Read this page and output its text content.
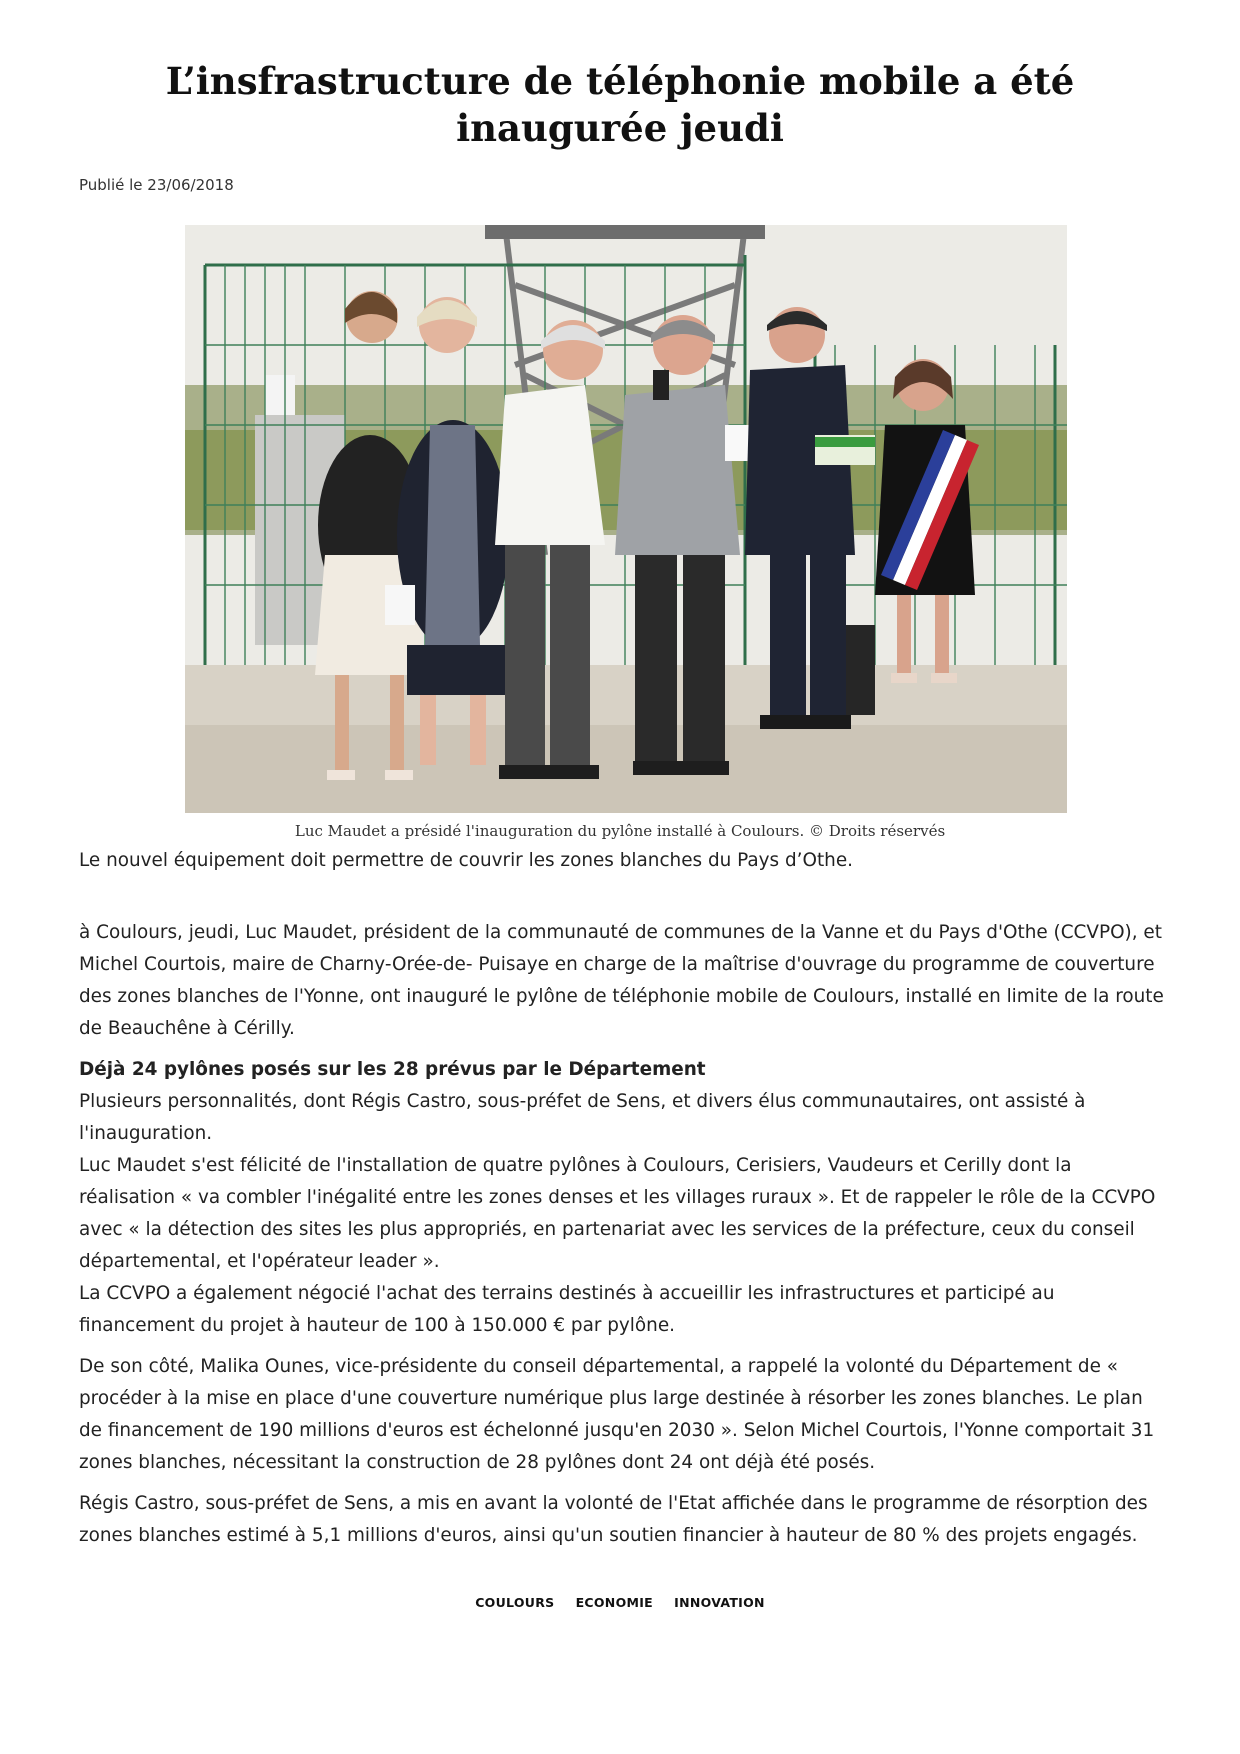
L’insfrastructure de téléphonie mobile a été inaugurée jeudi
Publié le 23/06/2018
Luc Maudet a présidé l'inauguration du pylône installé à Coulours. © Droits réservés

Le nouvel équipement doit permettre de couvrir les zones blanches du Pays d’Othe.

à Coulours, jeudi, Luc Maudet, président de la communauté de communes de la Vanne et du Pays d'Othe (CCVPO), et Michel Courtois, maire de Charny-Orée-de- Puisaye en charge de la maîtrise d'ouvrage du programme de couverture des zones blanches de l'Yonne, ont inauguré le pylône de téléphonie mobile de Coulours, installé en limite de la route de Beauchêne à Cérilly.

Déjà 24 pylônes posés sur les 28 prévus par le Département

Plusieurs personnalités, dont Régis Castro, sous-préfet de Sens, et divers élus communautaires, ont assisté à l'inauguration.

Luc Maudet s'est félicité de l'installation de quatre pylônes à Coulours, Cerisiers, Vaudeurs et Cerilly dont la réalisation « va combler l'inégalité entre les zones denses et les villages ruraux ». Et de rappeler le rôle de la CCVPO avec « la détection des sites les plus appropriés, en partenariat avec les services de la préfecture, ceux du conseil départemental, et l'opérateur leader ».

La CCVPO a également négocié l'achat des terrains destinés à accueillir les infrastructures et participé au financement du projet à hauteur de 100 à 150.000 € par pylône.

De son côté, Malika Ounes, vice-présidente du conseil départemental, a rappelé la volonté du Département de « procéder à la mise en place d'une couverture numérique plus large destinée à résorber les zones blanches. Le plan de financement de 190 millions d'euros est échelonné jusqu'en 2030 ». Selon Michel Courtois, l'Yonne comportait 31 zones blanches, nécessitant la construction de 28 pylônes dont 24 ont déjà été posés.

Régis Castro, sous-préfet de Sens, a mis en avant la volonté de l'Etat affichée dans le programme de résorption des zones blanches estimé à 5,1 millions d'euros, ainsi qu'un soutien financier à hauteur de 80 % des projets engagés.

COULOURS ECONOMIE INNOVATION
